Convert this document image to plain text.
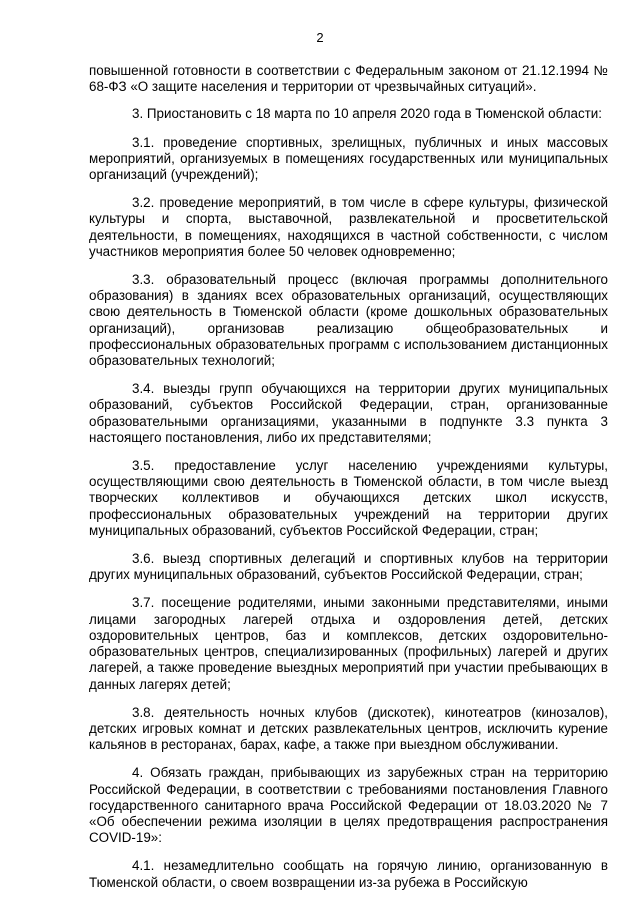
2

повышенной готовности в соответствии с Федеральным законом от 21.12.1994 № 68-ФЗ «О защите населения и территории от чрезвычайных ситуаций».

3. Приостановить с 18 марта по 10 апреля 2020 года в Тюменской области:

3.1. проведение спортивных, зрелищных, публичных и иных массовых мероприятий, организуемых в помещениях государственных или муниципальных организаций (учреждений);

3.2. проведение мероприятий, в том числе в сфере культуры, физической культуры и спорта, выставочной, развлекательной и просветительской деятельности, в помещениях, находящихся в частной собственности, с числом участников мероприятия более 50 человек одновременно;

3.3. образовательный процесс (включая программы дополнительного образования) в зданиях всех образовательных организаций, осуществляющих свою деятельность в Тюменской области (кроме дошкольных образовательных организаций), организовав реализацию общеобразовательных и профессиональных образовательных программ с использованием дистанционных образовательных технологий;

3.4. выезды групп обучающихся на территории других муниципальных образований, субъектов Российской Федерации, стран, организованные образовательными организациями, указанными в подпункте 3.3 пункта 3 настоящего постановления, либо их представителями;

3.5. предоставление услуг населению учреждениями культуры, осуществляющими свою деятельность в Тюменской области, в том числе выезд творческих коллективов и обучающихся детских школ искусств, профессиональных образовательных учреждений на территории других муниципальных образований, субъектов Российской Федерации, стран;

3.6. выезд спортивных делегаций и спортивных клубов на территории других муниципальных образований, субъектов Российской Федерации, стран;

3.7. посещение родителями, иными законными представителями, иными лицами загородных лагерей отдыха и оздоровления детей, детских оздоровительных центров, баз и комплексов, детских оздоровительно-образовательных центров, специализированных (профильных) лагерей и других лагерей, а также проведение выездных мероприятий при участии пребывающих в данных лагерях детей;

3.8. деятельность ночных клубов (дискотек), кинотеатров (кинозалов), детских игровых комнат и детских развлекательных центров, исключить курение кальянов в ресторанах, барах, кафе, а также при выездном обслуживании.

4. Обязать граждан, прибывающих из зарубежных стран на территорию Российской Федерации, в соответствии с требованиями постановления Главного государственного санитарного врача Российской Федерации от 18.03.2020 № 7 «Об обеспечении режима изоляции в целях предотвращения распространения COVID-19»:

4.1. незамедлительно сообщать на горячую линию, организованную в Тюменской области, о своем возвращении из-за рубежа в Российскую
